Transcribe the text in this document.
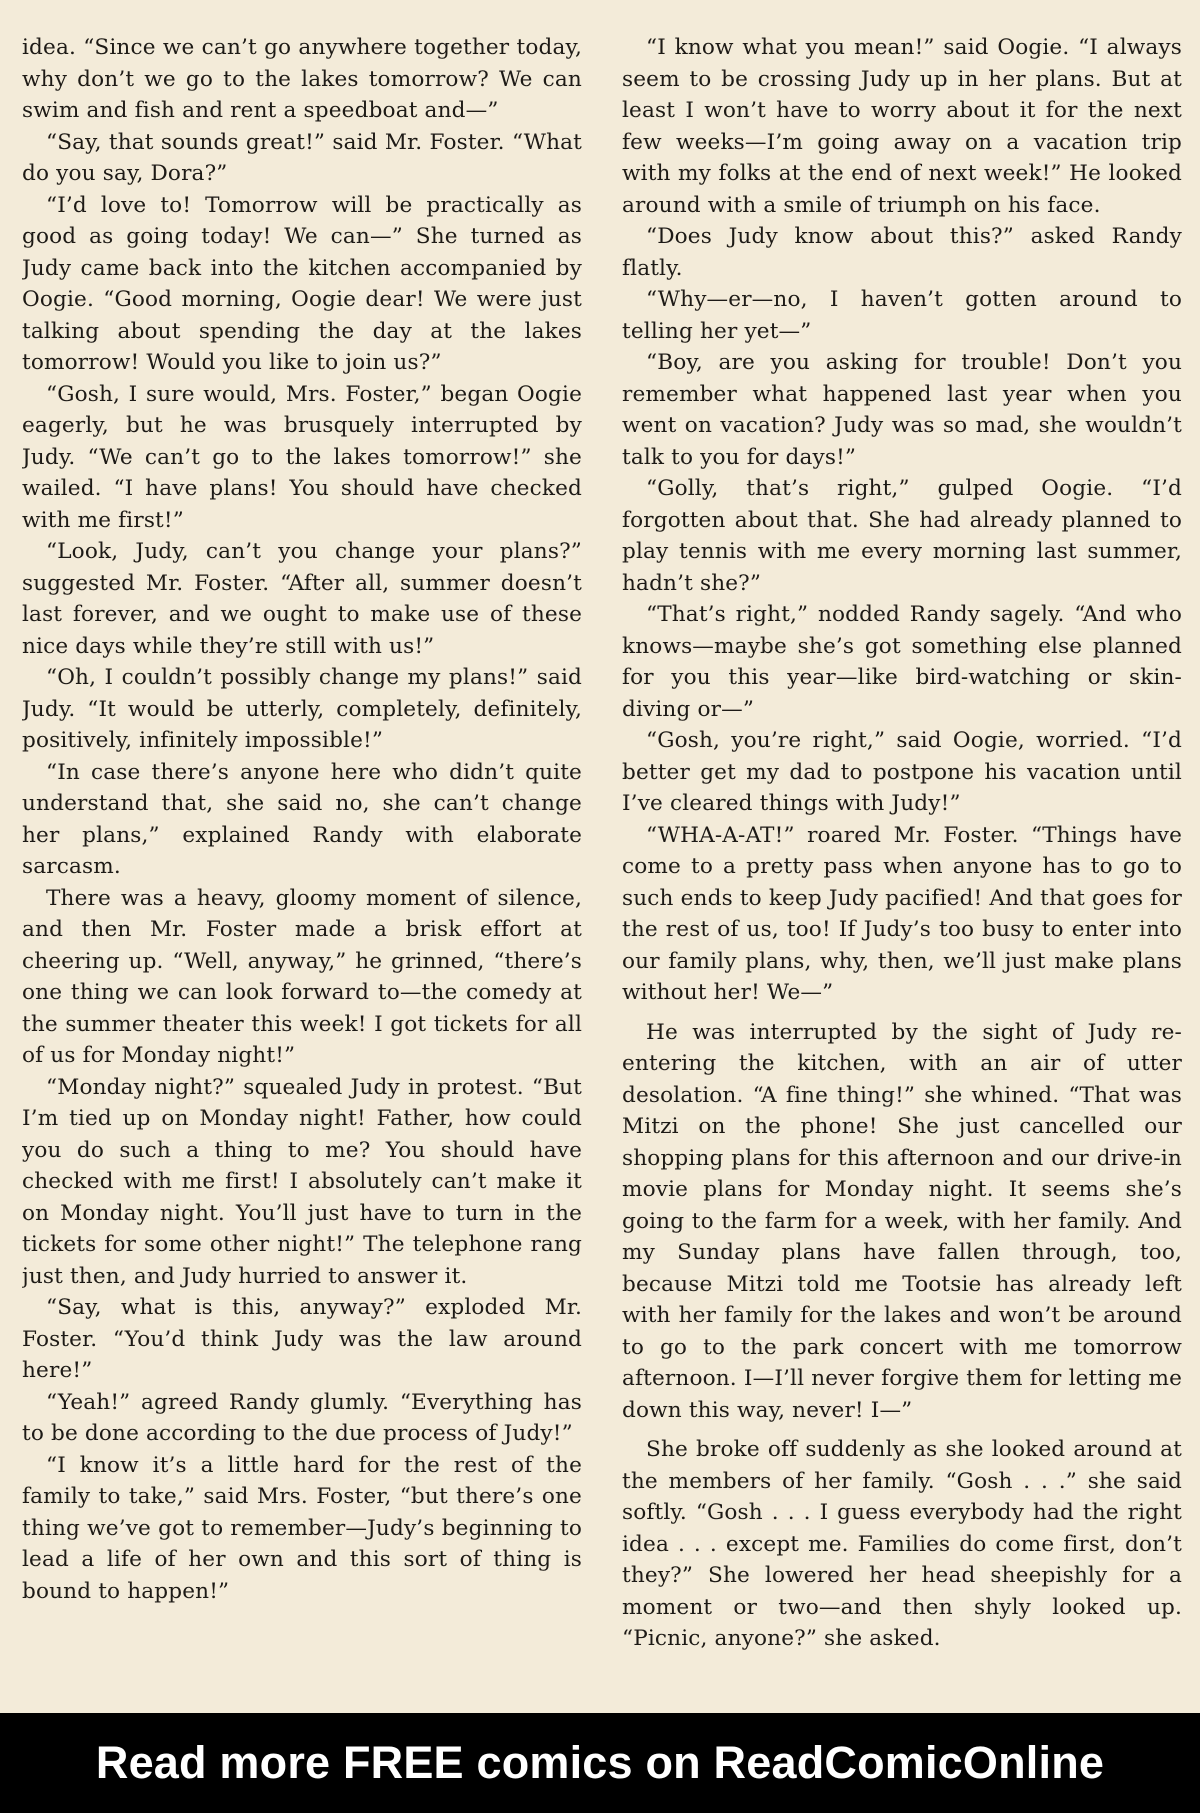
idea. “Since we can’t go anywhere together today, why don’t we go to the lakes tomorrow? We can swim and fish and rent a speedboat and—”

“Say, that sounds great!” said Mr. Foster. “What do you say, Dora?”

“I’d love to! Tomorrow will be practically as good as going today! We can—” She turned as Judy came back into the kitchen accompanied by Oogie. “Good morning, Oogie dear! We were just talking about spending the day at the lakes tomorrow! Would you like to join us?”

“Gosh, I sure would, Mrs. Foster,” began Oogie eagerly, but he was brusquely interrupted by Judy. “We can’t go to the lakes tomorrow!” she wailed. “I have plans! You should have checked with me first!”

“Look, Judy, can’t you change your plans?” suggested Mr. Foster. “After all, summer doesn’t last forever, and we ought to make use of these nice days while they’re still with us!”

“Oh, I couldn’t possibly change my plans!” said Judy. “It would be utterly, completely, definitely, positively, infinitely impossible!”

“In case there’s anyone here who didn’t quite understand that, she said no, she can’t change her plans,” explained Randy with elaborate sarcasm.

There was a heavy, gloomy moment of silence, and then Mr. Foster made a brisk effort at cheering up. “Well, anyway,” he grinned, “there’s one thing we can look forward to—the comedy at the summer theater this week! I got tickets for all of us for Monday night!”

“Monday night?” squealed Judy in protest. “But I’m tied up on Monday night! Father, how could you do such a thing to me? You should have checked with me first! I absolutely can’t make it on Monday night. You’ll just have to turn in the tickets for some other night!” The telephone rang just then, and Judy hurried to answer it.

“Say, what is this, anyway?” exploded Mr. Foster. “You’d think Judy was the law around here!”

“Yeah!” agreed Randy glumly. “Everything has to be done according to the due process of Judy!”

“I know it’s a little hard for the rest of the family to take,” said Mrs. Foster, “but there’s one thing we’ve got to remember—Judy’s beginning to lead a life of her own and this sort of thing is bound to happen!”

“I know what you mean!” said Oogie. “I always seem to be crossing Judy up in her plans. But at least I won’t have to worry about it for the next few weeks—I’m going away on a vacation trip with my folks at the end of next week!” He looked around with a smile of triumph on his face.

“Does Judy know about this?” asked Randy flatly.

“Why—er—no, I haven’t gotten around to telling her yet—”

“Boy, are you asking for trouble! Don’t you remember what happened last year when you went on vacation? Judy was so mad, she wouldn’t talk to you for days!”

“Golly, that’s right,” gulped Oogie. “I’d forgotten about that. She had already planned to play tennis with me every morning last summer, hadn’t she?”

“That’s right,” nodded Randy sagely. “And who knows—maybe she’s got something else planned for you this year—like bird-watching or skin-diving or—”

“Gosh, you’re right,” said Oogie, worried. “I’d better get my dad to postpone his vacation until I’ve cleared things with Judy!”

“WHA-A-AT!” roared Mr. Foster. “Things have come to a pretty pass when anyone has to go to such ends to keep Judy pacified! And that goes for the rest of us, too! If Judy’s too busy to enter into our family plans, why, then, we’ll just make plans without her! We—”

He was interrupted by the sight of Judy re-entering the kitchen, with an air of utter desolation. “A fine thing!” she whined. “That was Mitzi on the phone! She just cancelled our shopping plans for this afternoon and our drive-in movie plans for Monday night. It seems she’s going to the farm for a week, with her family. And my Sunday plans have fallen through, too, because Mitzi told me Tootsie has already left with her family for the lakes and won’t be around to go to the park concert with me tomorrow afternoon. I—I’ll never forgive them for letting me down this way, never! I—”

She broke off suddenly as she looked around at the members of her family. “Gosh . . .” she said softly. “Gosh . . . I guess everybody had the right idea . . . except me. Families do come first, don’t they?” She lowered her head sheepishly for a moment or two—and then shyly looked up. “Picnic, anyone?” she asked.

Read more FREE comics on ReadComicOnline
